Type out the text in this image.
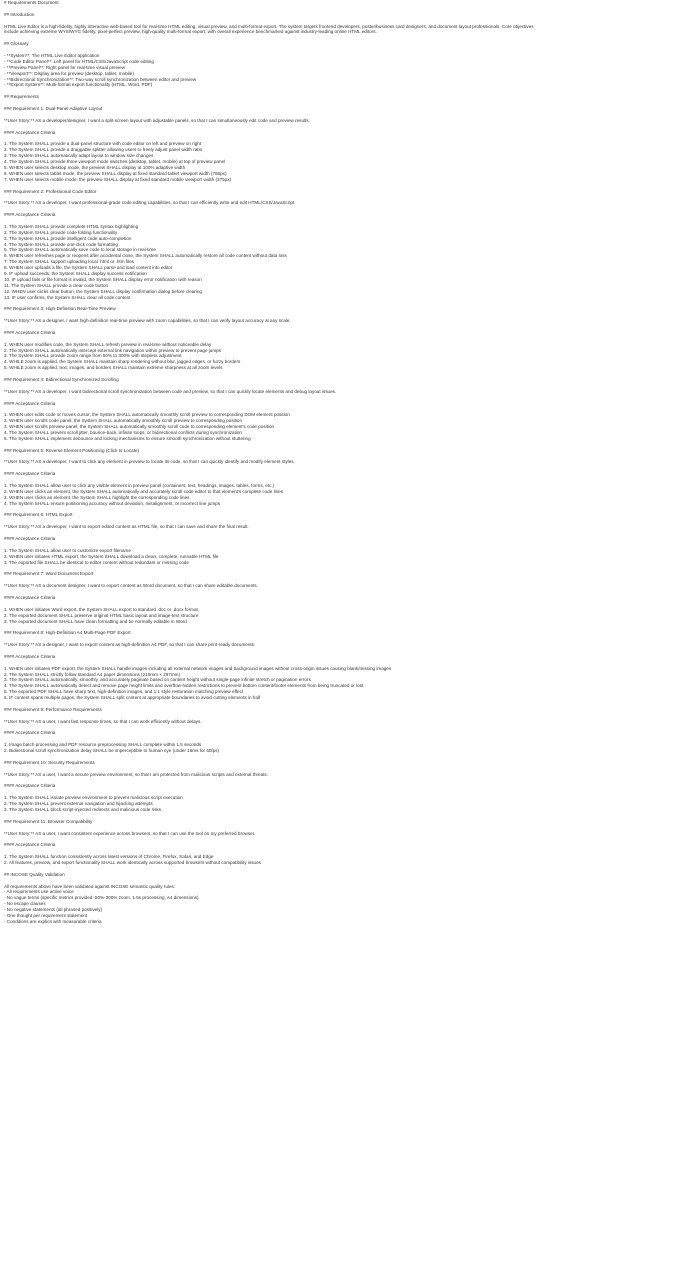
# Requirements Document
## Introduction
HTML Live Editor is a high-fidelity, highly interactive web-based tool for real-time HTML editing, visual preview, and multi-format export. The system targets frontend developers, poster/business card designers, and document layout professionals. Core objectives
include achieving extreme WYSIWYG fidelity, pixel-perfect preview, high-quality multi-format export, with overall experience benchmarked against industry-leading online HTML editors.
## Glossary
- **System**: The HTML Live Editor application
- **Code Editor Panel**: Left panel for HTML/CSS/JavaScript code editing
- **Preview Panel**: Right panel for real-time visual preview
- **Viewport**: Display area for preview (desktop, tablet, mobile)
- **Bidirectional Synchronization**: Two-way scroll synchronization between editor and preview
- **Export System**: Multi-format export functionality (HTML, Word, PDF)
## Requirements
### Requirement 1: Dual-Panel Adaptive Layout
**User Story:** AS a developer/designer, I want a split-screen layout with adjustable panels, so that I can simultaneously edit code and preview results.
#### Acceptance Criteria
1. The System SHALL provide a dual-panel structure with code editor on left and preview on right
2. The System SHALL provide a draggable splitter allowing users to freely adjust panel width ratio
3. The System SHALL automatically adapt layout to window size changes
4. The System SHALL provide three viewport mode switches (desktop, tablet, mobile) at top of preview panel
5. WHEN user selects desktop mode, the preview SHALL display at 100% adaptive width
6. WHEN user selects tablet mode, the preview SHALL display at fixed standard tablet viewport width (768px)
7. WHEN user selects mobile mode, the preview SHALL display at fixed standard mobile viewport width (375px)
### Requirement 2: Professional Code Editor
**User Story:** AS a developer, I want professional-grade code editing capabilities, so that I can efficiently write and edit HTML/CSS/JavaScript.
#### Acceptance Criteria
1. The System SHALL provide complete HTML syntax highlighting
2. The System SHALL provide code folding functionality
3. The System SHALL provide intelligent code auto-completion
4. The System SHALL provide one-click code formatting
5. The System SHALL automatically save code to local storage in real-time
6. WHEN user refreshes page or reopens after accidental close, the System SHALL automatically restore all code content without data loss
7. The System SHALL support uploading local .html or .htm files
8. WHEN user uploads a file, the System SHALL parse and load content into editor
9. IF upload succeeds, the System SHALL display success notification
10. IF upload fails or file format is invalid, the System SHALL display error notification with reason
11. The System SHALL provide a clear code button
12. WHEN user clicks clear button, the System SHALL display confirmation dialog before clearing
13. IF user confirms, the System SHALL clear all code content
### Requirement 3: High-Definition Real-Time Preview
**User Story:** AS a designer, I want high-definition real-time preview with zoom capabilities, so that I can verify layout accuracy at any scale.
#### Acceptance Criteria
1. WHEN user modifies code, the System SHALL refresh preview in real-time without noticeable delay
2. The System SHALL automatically intercept external link navigation within preview to prevent page jumps
3. The System SHALL provide zoom range from 50% to 300% with stepless adjustment
4. WHILE zoom is applied, the System SHALL maintain sharp rendering without blur, jagged edges, or fuzzy borders
5. WHILE zoom is applied, text, images, and borders SHALL maintain extreme sharpness at all zoom levels
### Requirement 4: Bidirectional Synchronized Scrolling
**User Story:** AS a developer, I want bidirectional scroll synchronization between code and preview, so that I can quickly locate elements and debug layout issues.
#### Acceptance Criteria
1. WHEN user edits code or moves cursor, the System SHALL automatically smoothly scroll preview to corresponding DOM element position
2. WHEN user scrolls code panel, the System SHALL automatically smoothly scroll preview to corresponding position
3. WHEN user scrolls preview panel, the System SHALL automatically smoothly scroll code to corresponding element's code position
4. The System SHALL prevent scroll jitter, bounce-back, infinite loops, or bidirectional conflicts during synchronization
5. The System SHALL implement debounce and locking mechanisms to ensure smooth synchronization without stuttering
### Requirement 5: Reverse Element Positioning (Click to Locate)
**User Story:** AS a developer, I want to click any element in preview to locate its code, so that I can quickly identify and modify element styles.
#### Acceptance Criteria
1. The System SHALL allow user to click any visible element in preview panel (containers, text, headings, images, tables, forms, etc.)
2. WHEN user clicks an element, the System SHALL automatically and accurately scroll code editor to that element's complete code lines
3. WHEN user clicks an element, the System SHALL highlight the corresponding code lines
4. The System SHALL ensure positioning accuracy without deviation, misalignment, or incorrect line jumps
### Requirement 6: HTML Export
**User Story:** AS a developer, I want to export edited content as HTML file, so that I can save and share the final result.
#### Acceptance Criteria
1. The System SHALL allow user to customize export filename
2. WHEN user initiates HTML export, the System SHALL download a clean, complete, runnable HTML file
3. The exported file SHALL be identical to editor content without redundant or missing code
### Requirement 7: Word Document Export
**User Story:** AS a document designer, I want to export content as Word document, so that I can share editable documents.
#### Acceptance Criteria
1. WHEN user initiates Word export, the System SHALL export to standard .doc or .docx format
2. The exported document SHALL preserve original HTML basic layout and image-text structure
3. The exported document SHALL have clean formatting and be normally editable in Word
### Requirement 8: High-Definition A4 Multi-Page PDF Export
**User Story:** AS a designer, I want to export content as high-definition A4 PDF, so that I can share print-ready documents.
#### Acceptance Criteria
1. WHEN user initiates PDF export, the System SHALL handle images including all external network images and background images without cross-origin issues causing blank/missing images
2. The System SHALL strictly follow standard A4 paper dimensions (210mm × 297mm)
3. The System SHALL automatically, smoothly, and accurately paginate based on content height without single-page infinite stretch or pagination errors
4. The System SHALL automatically detect and remove page height limits and overflow-hidden restrictions to prevent bottom content/footer elements from being truncated or lost
5. The exported PDF SHALL have sharp text, high-definition images, and 1:1 style restoration matching preview effect
6. IF content spans multiple pages, the System SHALL split content at appropriate boundaries to avoid cutting elements in half
### Requirement 9: Performance Requirements
**User Story:** AS a user, I want fast response times, so that I can work efficiently without delays.
#### Acceptance Criteria
1. Image batch processing and PDF resource preprocessing SHALL complete within 1.5 seconds
2. Bidirectional scroll synchronization delay SHALL be imperceptible to human eye (under 16ms for 60fps)
### Requirement 10: Security Requirements
**User Story:** AS a user, I want a secure preview environment, so that I am protected from malicious scripts and external threats.
#### Acceptance Criteria
1. The System SHALL isolate preview environment to prevent malicious script execution
2. The System SHALL prevent external navigation and hijacking attempts
3. The System SHALL block script-injected redirects and malicious code risks
### Requirement 11: Browser Compatibility
**User Story:** AS a user, I want consistent experience across browsers, so that I can use the tool on my preferred browser.
#### Acceptance Criteria
1. The System SHALL function consistently across latest versions of Chrome, Firefox, Safari, and Edge
2. All features, preview, and export functionality SHALL work identically across supported browsers without compatibility issues
## INCOSE Quality Validation
All requirements above have been validated against INCOSE semantic quality rules:
- All requirements use active voice
- No vague terms (specific metrics provided: 50%-300% zoom, 1.5s processing, A4 dimensions)
- No escape clauses
- No negative statements (all phrased positively)
- One thought per requirement statement
- Conditions are explicit with measurable criteria
